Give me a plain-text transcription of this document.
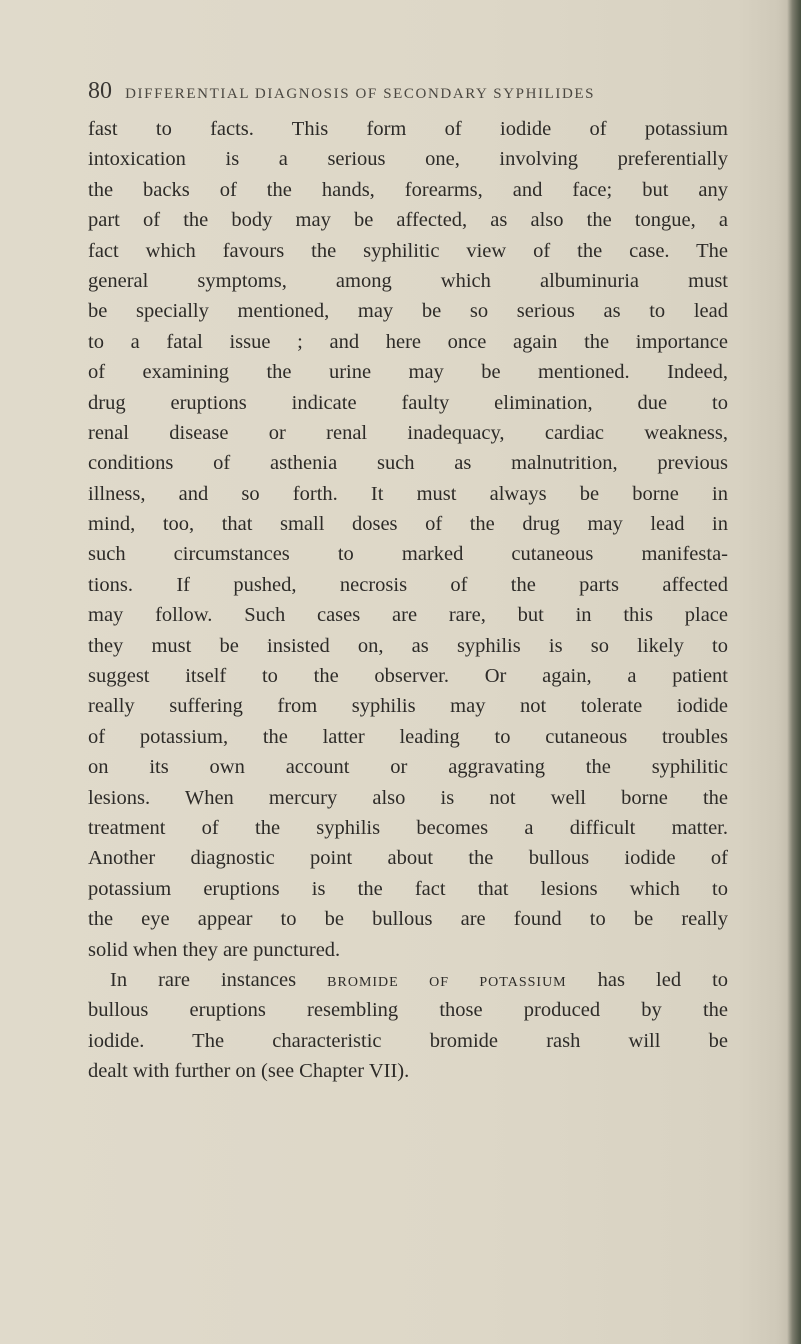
80 DIFFERENTIAL DIAGNOSIS OF SECONDARY SYPHILIDES
fast to facts. This form of iodide of potassium
intoxication is a serious one, involving preferentially
the backs of the hands, forearms, and face; but any
part of the body may be affected, as also the tongue, a
fact which favours the syphilitic view of the case. The
general symptoms, among which albuminuria must
be specially mentioned, may be so serious as to lead
to a fatal issue ; and here once again the importance
of examining the urine may be mentioned. Indeed,
drug eruptions indicate faulty elimination, due to
renal disease or renal inadequacy, cardiac weakness,
conditions of asthenia such as malnutrition, previous
illness, and so forth. It must always be borne in
mind, too, that small doses of the drug may lead in
such circumstances to marked cutaneous manifesta-
tions. If pushed, necrosis of the parts affected
may follow. Such cases are rare, but in this place
they must be insisted on, as syphilis is so likely to
suggest itself to the observer. Or again, a patient
really suffering from syphilis may not tolerate iodide
of potassium, the latter leading to cutaneous troubles
on its own account or aggravating the syphilitic
lesions. When mercury also is not well borne the
treatment of the syphilis becomes a difficult matter.
Another diagnostic point about the bullous iodide of
potassium eruptions is the fact that lesions which to
the eye appear to be bullous are found to be really
solid when they are punctured.
In rare instances BROMIDE OF POTASSIUM has led to
bullous eruptions resembling those produced by the
iodide. The characteristic bromide rash will be
dealt with further on (see Chapter VII).
